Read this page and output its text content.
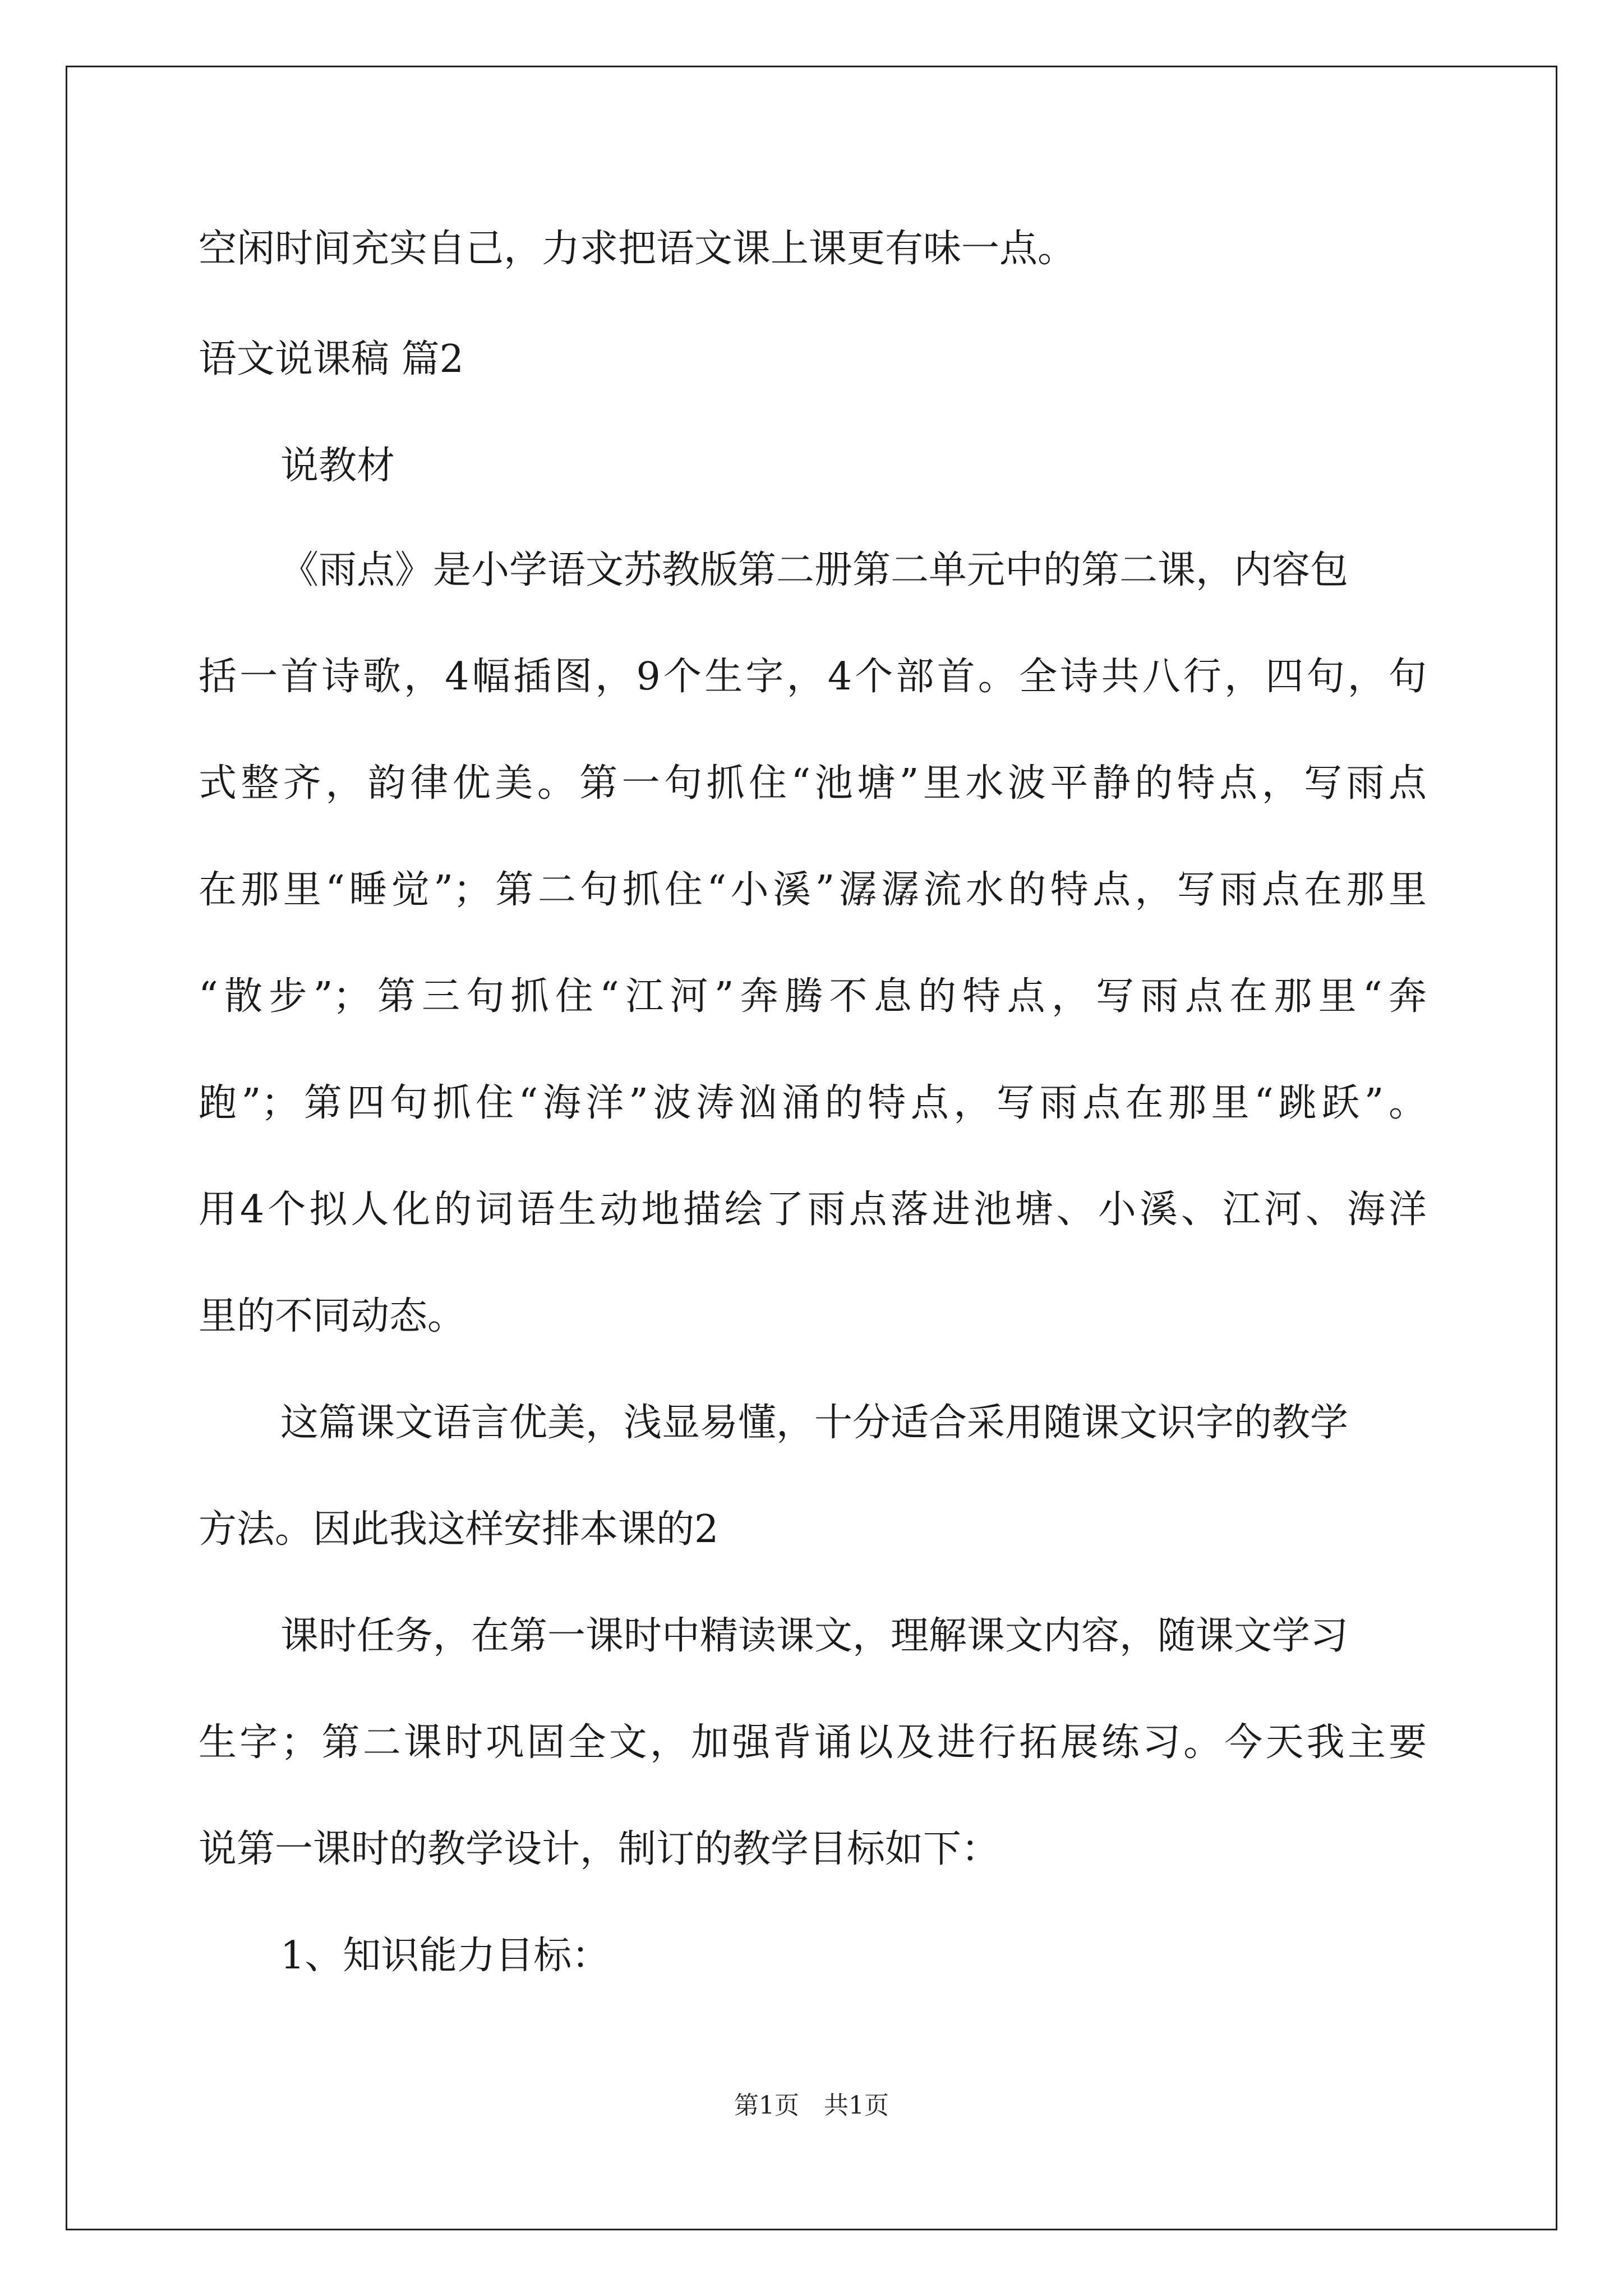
空闲时间充实自己，力求把语文课上课更有味一点。
语文说课稿 篇2
说教材
《雨点》是小学语文苏教版第二册第二单元中的第二课，内容包
括一首诗歌，4幅插图，9个生字，4个部首。全诗共八行，四句，句
式整齐，韵律优美。第一句抓住“池塘”里水波平静的特点，写雨点
在那里“睡觉”；第二句抓住“小溪”潺潺流水的特点，写雨点在那里
“散步”；第三句抓住“江河”奔腾不息的特点，写雨点在那里“奔
跑”；第四句抓住“海洋”波涛汹涌的特点，写雨点在那里“跳跃”。
用4个拟人化的词语生动地描绘了雨点落进池塘、小溪、江河、海洋
里的不同动态。
这篇课文语言优美，浅显易懂，十分适合采用随课文识字的教学
方法。因此我这样安排本课的2
课时任务，在第一课时中精读课文，理解课文内容，随课文学习
生字；第二课时巩固全文，加强背诵以及进行拓展练习。今天我主要
说第一课时的教学设计，制订的教学目标如下：
1、知识能力目标：
第1页　共1页
